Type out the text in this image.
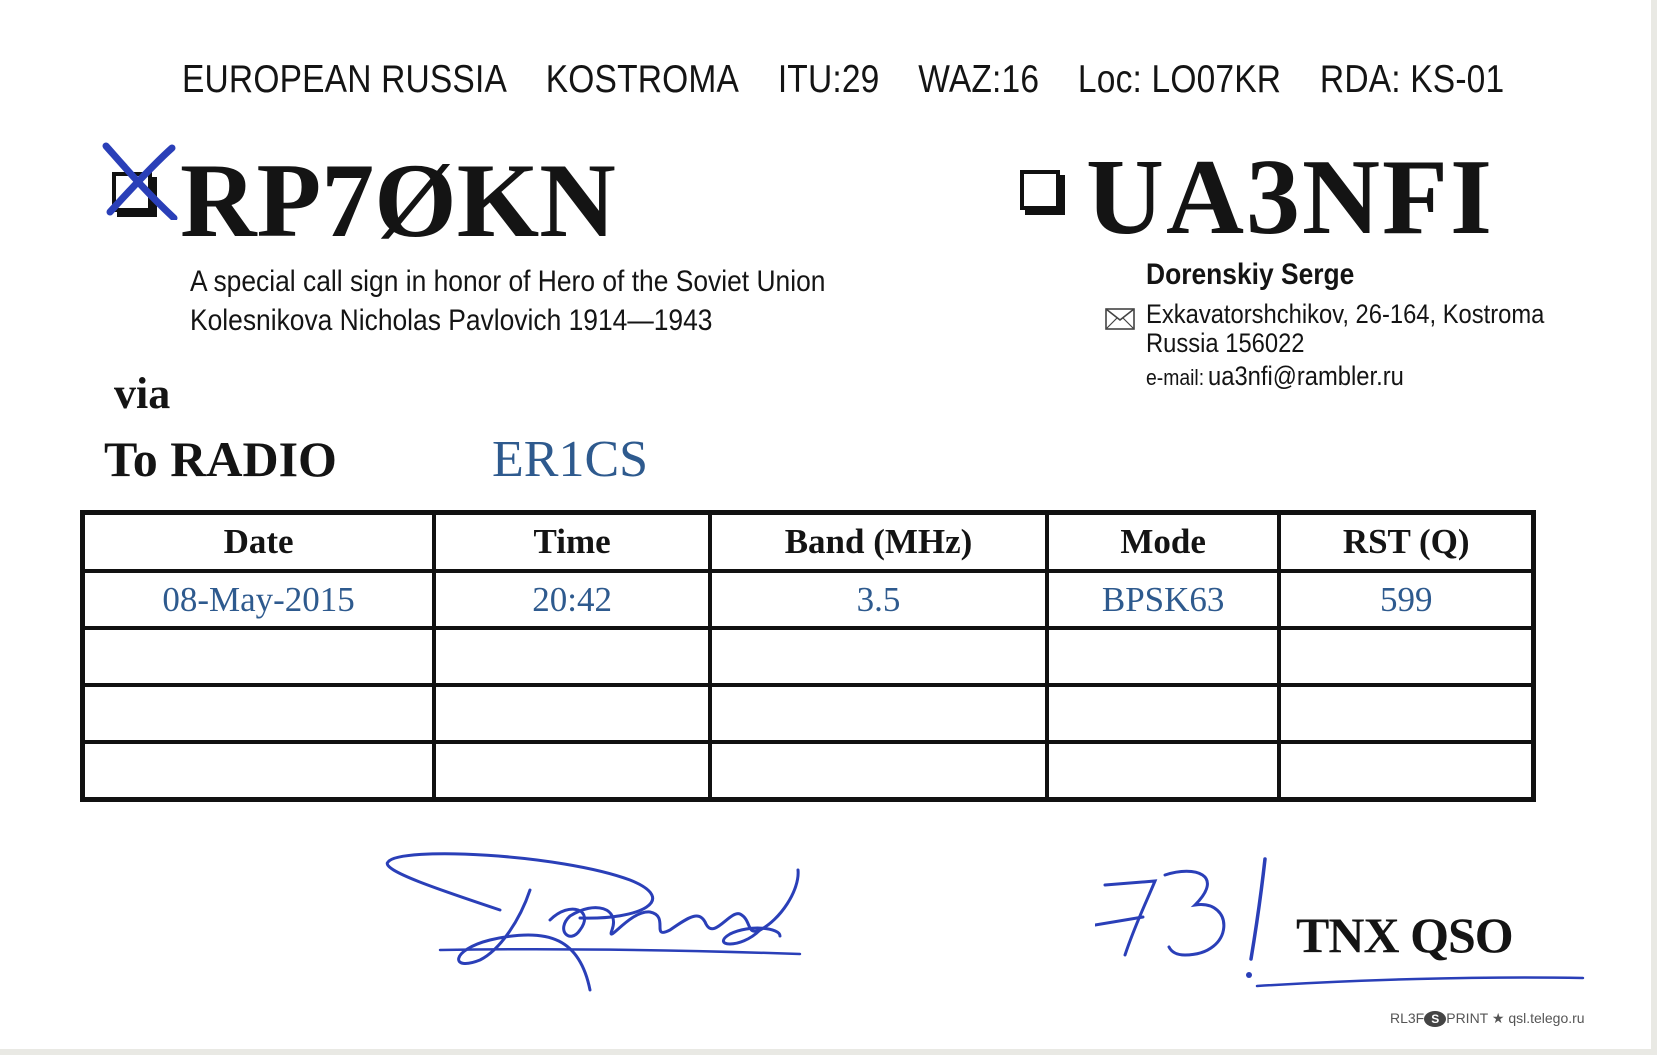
EUROPEAN RUSSIA KOSTROMA ITU:29 WAZ:16 Loc: LO07KR RDA: KS-01
RP7ØKN	UA3NFI
A special call sign in honor of Hero of the Soviet Union
Kolesnikova Nicholas Pavlovich 1914—1943
Dorenskiy Serge
Exkavatorshchikov, 26-164, Kostroma
Russia 156022
e-mail: ua3nfi@rambler.ru
via
To RADIO	ER1CS
Date	Time	Band (MHz)	Mode	RST (Q)
08-May-2015	20:42	3.5	BPSK63	599

TNX QSO
RL3F S PRINT ★ qsl.telego.ru
